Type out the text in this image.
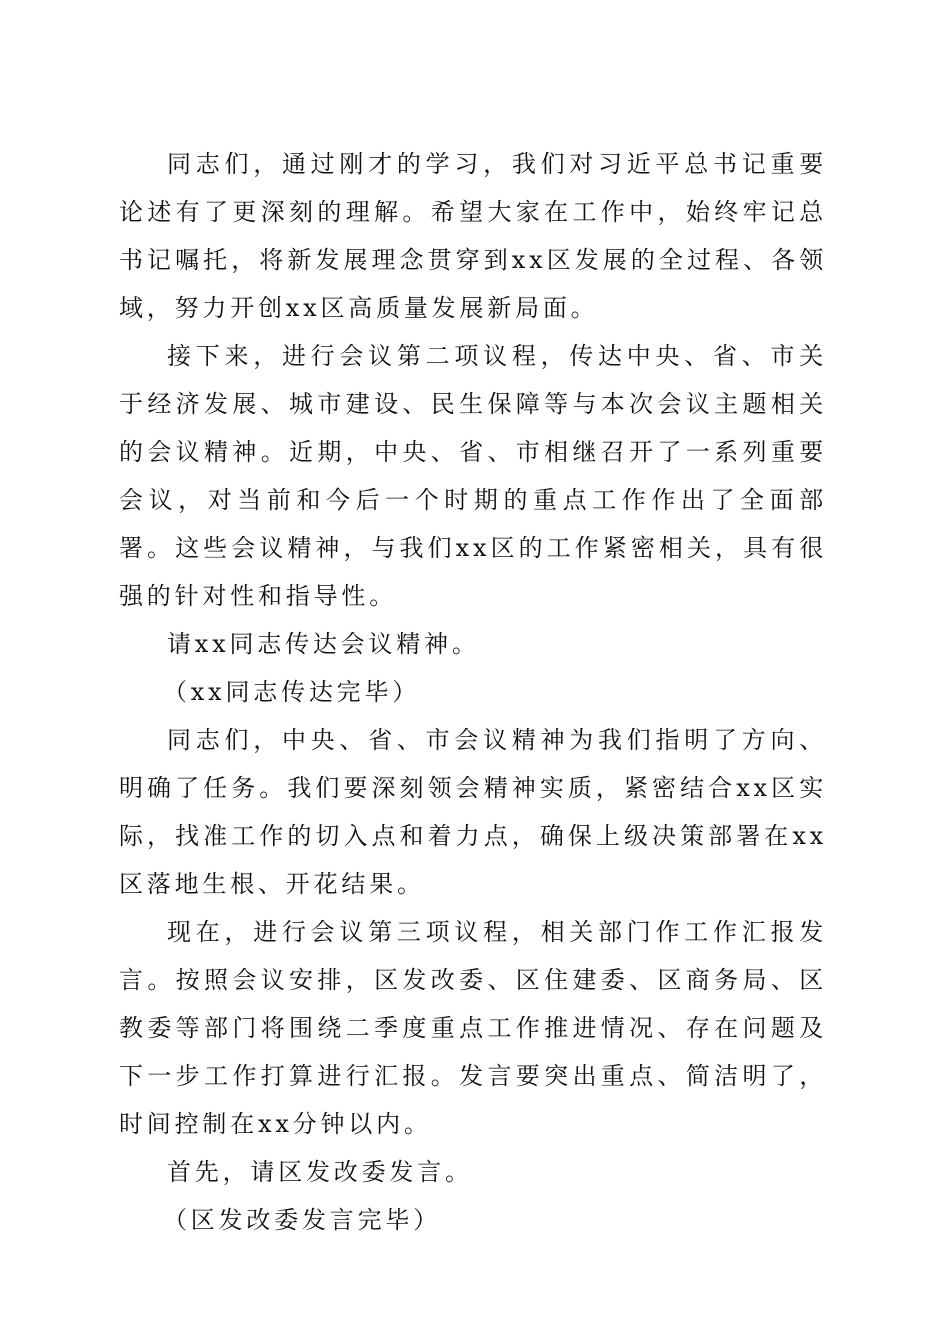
同志们，通过刚才的学习，我们对习近平总书记重要论述有了更深刻的理解。希望大家在工作中，始终牢记总书记嘱托，将新发展理念贯穿到xx区发展的全过程、各领域，努力开创xx区高质量发展新局面。

接下来，进行会议第二项议程，传达中央、省、市关于经济发展、城市建设、民生保障等与本次会议主题相关的会议精神。近期，中央、省、市相继召开了一系列重要会议，对当前和今后一个时期的重点工作作出了全面部署。这些会议精神，与我们xx区的工作紧密相关，具有很强的针对性和指导性。

请xx同志传达会议精神。

（xx同志传达完毕）

同志们，中央、省、市会议精神为我们指明了方向、明确了任务。我们要深刻领会精神实质，紧密结合xx区实际，找准工作的切入点和着力点，确保上级决策部署在xx区落地生根、开花结果。

现在，进行会议第三项议程，相关部门作工作汇报发言。按照会议安排，区发改委、区住建委、区商务局、区教委等部门将围绕二季度重点工作推进情况、存在问题及下一步工作打算进行汇报。发言要突出重点、简洁明了，时间控制在xx分钟以内。

首先，请区发改委发言。

（区发改委发言完毕）
